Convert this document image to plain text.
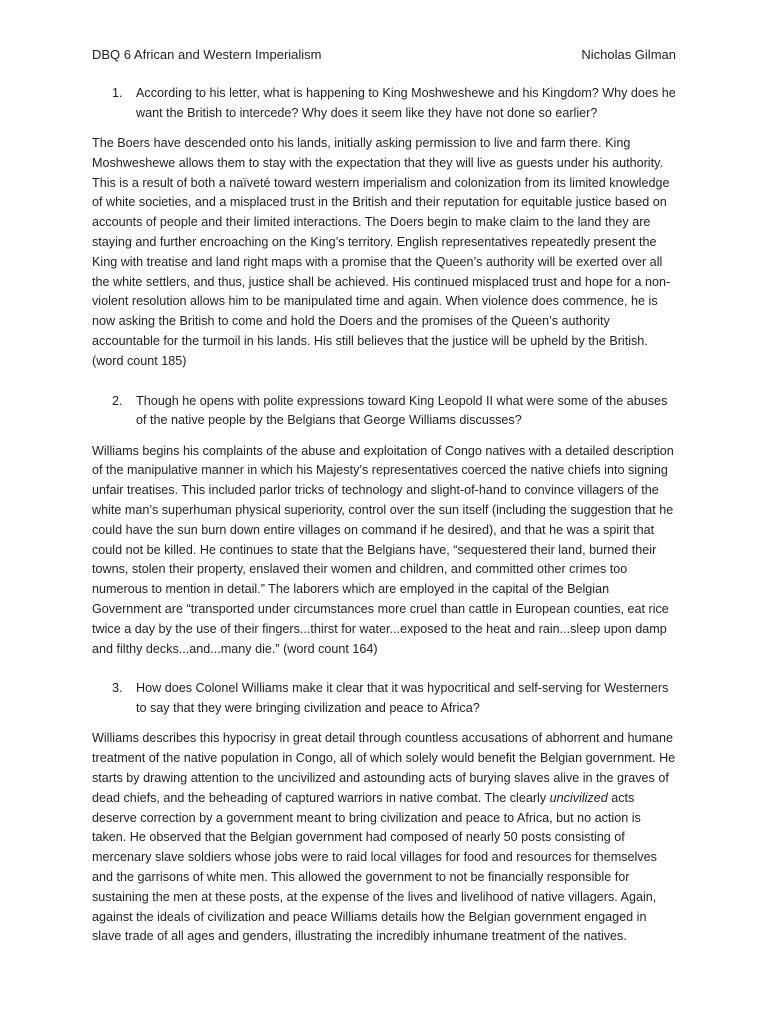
DBQ 6 African and Western Imperialism	Nicholas Gilman
1. According to his letter, what is happening to King Moshweshewe and his Kingdom? Why does he want the British to intercede? Why does it seem like they have not done so earlier?
The Boers have descended onto his lands, initially asking permission to live and farm there. King Moshweshewe allows them to stay with the expectation that they will live as guests under his authority. This is a result of both a naïveté toward western imperialism and colonization from its limited knowledge of white societies, and a misplaced trust in the British and their reputation for equitable justice based on accounts of people and their limited interactions. The Doers begin to make claim to the land they are staying and further encroaching on the King’s territory. English representatives repeatedly present the King with treatise and land right maps with a promise that the Queen’s authority will be exerted over all the white settlers, and thus, justice shall be achieved. His continued misplaced trust and hope for a non-violent resolution allows him to be manipulated time and again. When violence does commence, he is now asking the British to come and hold the Doers and the promises of the Queen’s authority accountable for the turmoil in his lands. His still believes that the justice will be upheld by the British. (word count 185)
2. Though he opens with polite expressions toward King Leopold II what were some of the abuses of the native people by the Belgians that George Williams discusses?
Williams begins his complaints of the abuse and exploitation of Congo natives with a detailed description of the manipulative manner in which his Majesty’s representatives coerced the native chiefs into signing unfair treatises. This included parlor tricks of technology and slight-of-hand to convince villagers of the white man’s superhuman physical superiority, control over the sun itself (including the suggestion that he could have the sun burn down entire villages on command if he desired), and that he was a spirit that could not be killed. He continues to state that the Belgians have, “sequestered their land, burned their towns, stolen their property, enslaved their women and children, and committed other crimes too numerous to mention in detail.” The laborers which are employed in the capital of the Belgian Government are “transported under circumstances more cruel than cattle in European counties, eat rice twice a day by the use of their fingers...thirst for water...exposed to the heat and rain...sleep upon damp and filthy decks...and...many die.” (word count 164)
3. How does Colonel Williams make it clear that it was hypocritical and self-serving for Westerners to say that they were bringing civilization and peace to Africa?
Williams describes this hypocrisy in great detail through countless accusations of abhorrent and humane treatment of the native population in Congo, all of which solely would benefit the Belgian government. He starts by drawing attention to the uncivilized and astounding acts of burying slaves alive in the graves of dead chiefs, and the beheading of captured warriors in native combat. The clearly uncivilized acts deserve correction by a government meant to bring civilization and peace to Africa, but no action is taken. He observed that the Belgian government had composed of nearly 50 posts consisting of mercenary slave soldiers whose jobs were to raid local villages for food and resources for themselves and the garrisons of white men. This allowed the government to not be financially responsible for sustaining the men at these posts, at the expense of the lives and livelihood of native villagers. Again, against the ideals of civilization and peace Williams details how the Belgian government engaged in slave trade of all ages and genders, illustrating the incredibly inhumane treatment of the natives.
